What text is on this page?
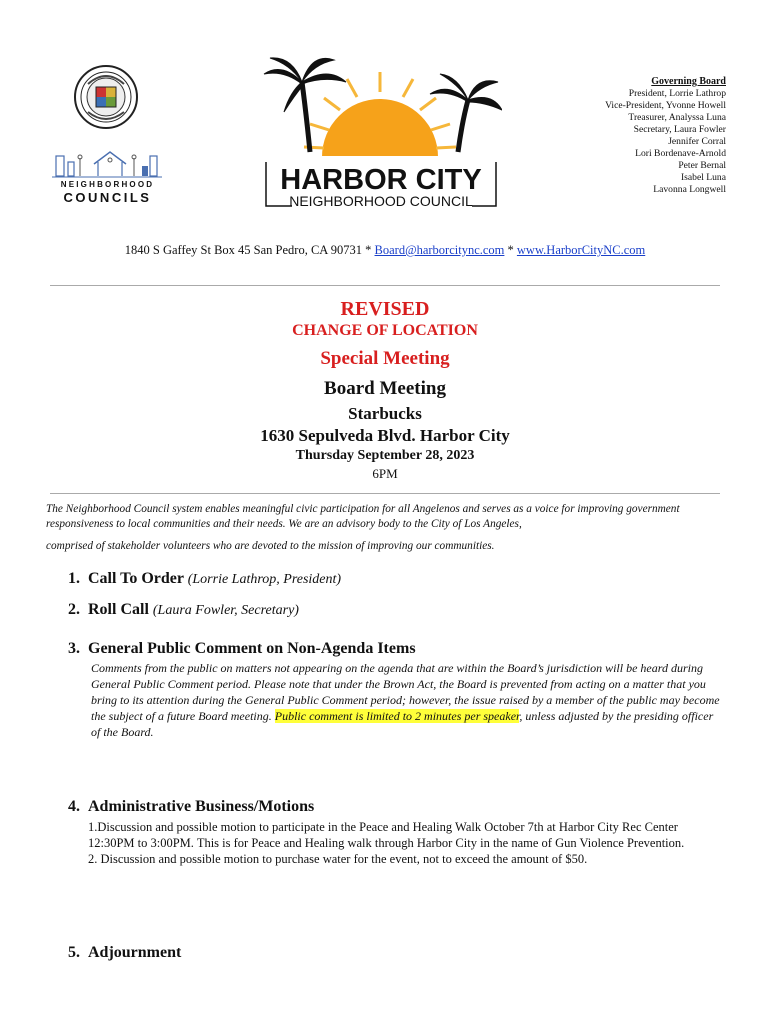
NEIGHBORHOOD
COUNCILS
HARBOR CITY
NEIGHBORHOOD COUNCIL
Governing Board
President, Lorrie Lathrop
Vice-President, Yvonne Howell
Treasurer, Analyssa Luna
Secretary, Laura Fowler
Jennifer Corral
Lori Bordenave-Arnold
Peter Bernal
Isabel Luna
Lavonna Longwell
1840 S Gaffey St Box 45 San Pedro, CA 90731 * Board@harborcitync.com * www.HarborCityNC.com
REVISED
CHANGE OF LOCATION
Special Meeting
Board Meeting
Starbucks
1630 Sepulveda Blvd. Harbor City
Thursday September 28, 2023
6PM
The Neighborhood Council system enables meaningful civic participation for all Angelenos and serves as a voice for improving government responsiveness to local communities and their needs. We are an advisory body to the City of Los Angeles,
comprised of stakeholder volunteers who are devoted to the mission of improving our communities.
1. Call To Order (Lorrie Lathrop, President)
2. Roll Call (Laura Fowler, Secretary)
3. General Public Comment on Non-Agenda Items
Comments from the public on matters not appearing on the agenda that are within the Board’s jurisdiction will be heard during General Public Comment period. Please note that under the Brown Act, the Board is prevented from acting on a matter that you bring to its attention during the General Public Comment period; however, the issue raised by a member of the public may become the subject of a future Board meeting. Public comment is limited to 2 minutes per speaker, unless adjusted by the presiding officer of the Board.
4. Administrative Business/Motions

1.Discussion and possible motion to participate in the Peace and Healing Walk October 7th at Harbor City Rec Center 12:30PM to 3:00PM. This is for Peace and Healing walk through Harbor City in the name of Gun Violence Prevention.

2. Discussion and possible motion to purchase water for the event, not to exceed the amount of $50.

5. Adjournment
